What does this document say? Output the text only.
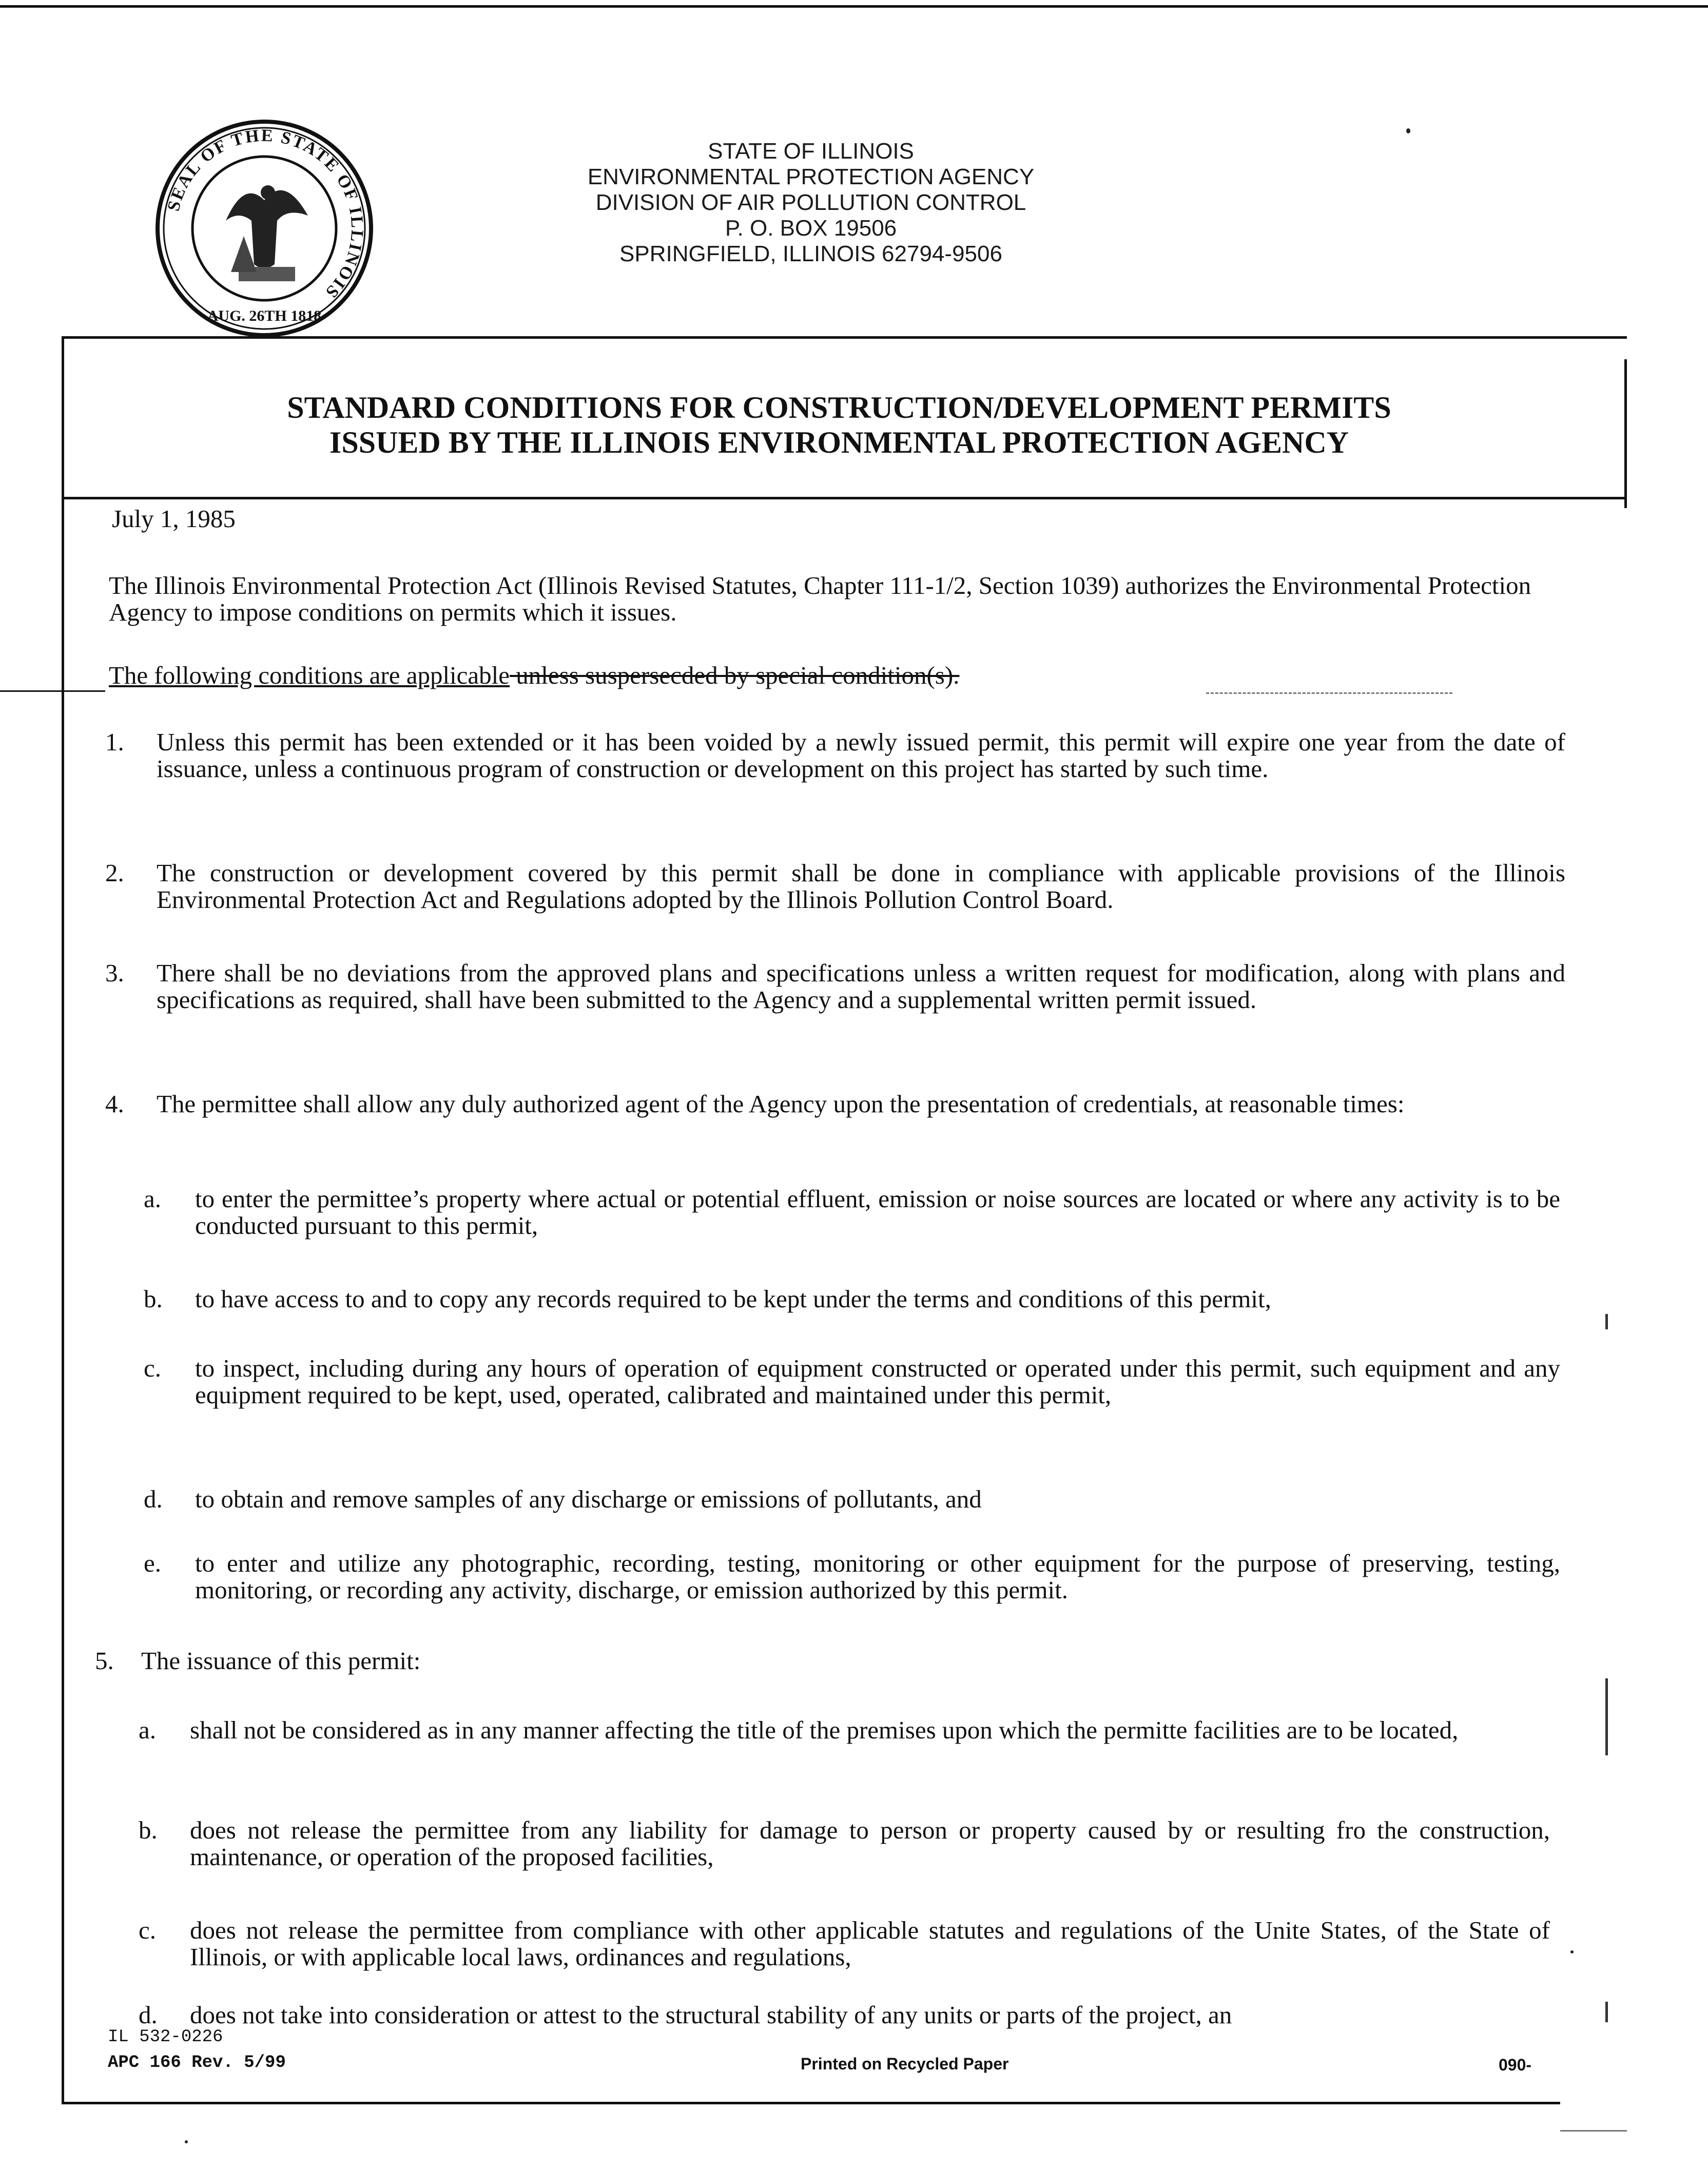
SEAL OF THE STATE OF ILLINOIS
AUG. 26TH 1818
1818
STATE OF ILLINOIS
ENVIRONMENTAL PROTECTION AGENCY
DIVISION OF AIR POLLUTION CONTROL
P. O. BOX 19506
SPRINGFIELD, ILLINOIS 62794-9506
STANDARD CONDITIONS FOR CONSTRUCTION/DEVELOPMENT PERMITS
ISSUED BY THE ILLINOIS ENVIRONMENTAL PROTECTION AGENCY
July 1, 1985
The Illinois Environmental Protection Act (Illinois Revised Statutes, Chapter 111-1/2, Section 1039) authorizes the Environmental Protection Agency to impose conditions on permits which it issues.
The following conditions are applicable unless suspersecded by special condition(s).
1.	Unless this permit has been extended or it has been voided by a newly issued permit, this permit will expire one year from the date of issuance, unless a continuous program of construction or development on this project has started by such time.
2.	The construction or development covered by this permit shall be done in compliance with applicable provisions of the Illinois Environmental Protection Act and Regulations adopted by the Illinois Pollution Control Board.
3.	There shall be no deviations from the approved plans and specifications unless a written request for modification, along with plans and specifications as required, shall have been submitted to the Agency and a supplemental written permit issued.
4.	The permittee shall allow any duly authorized agent of the Agency upon the presentation of credentials, at reasonable times:
a.	to enter the permittee’s property where actual or potential effluent, emission or noise sources are located or where any activity is to be conducted pursuant to this permit,
b.	to have access to and to copy any records required to be kept under the terms and conditions of this permit,
c.	to inspect, including during any hours of operation of equipment constructed or operated under this permit, such equipment and any equipment required to be kept, used, operated, calibrated and maintained under this permit,
d.	to obtain and remove samples of any discharge or emissions of pollutants, and
e.	to enter and utilize any photographic, recording, testing, monitoring or other equipment for the purpose of preserving, testing, monitoring, or recording any activity, discharge, or emission authorized by this permit.
5.	The issuance of this permit:
a.	shall not be considered as in any manner affecting the title of the premises upon which the permitte facilities are to be located,
b.	does not release the permittee from any liability for damage to person or property caused by or resulting fro the construction, maintenance, or operation of the proposed facilities,
c.	does not release the permittee from compliance with other applicable statutes and regulations of the Unite States, of the State of Illinois, or with applicable local laws, ordinances and regulations,
d.	does not take into consideration or attest to the structural stability of any units or parts of the project, an
IL 532-0226
APC 166 Rev. 5/99	Printed on Recycled Paper	090-
